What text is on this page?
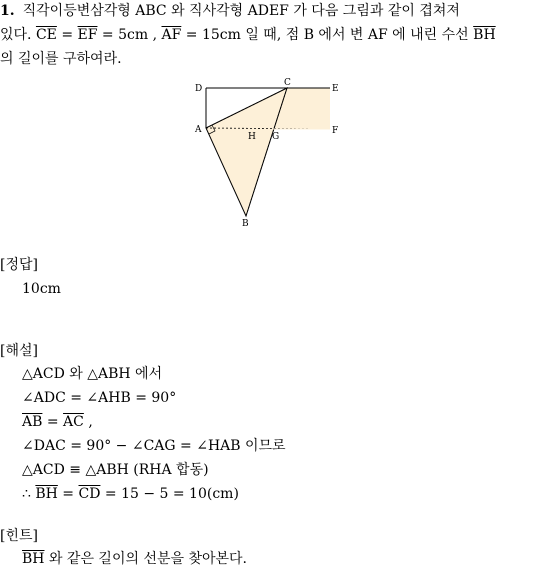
1. 직각이등변삼각형 ABC 와 직사각형 ADEF 가 다음 그림과 같이 겹쳐져
있다. $\overline{CE} = \overline{EF} = 5cm$ , $\overline{AF} = 15cm$ 일 때, 점 B 에서 변 AF 에 내린 수선 $\overline{BH}$
의 길이를 구하여라.
D
C
E
A
H G
F
B
[정답]
10cm
[해설]
△ACD 와 △ABH 에서
∠ADC = ∠AHB = 90°
$\overline{AB} = \overline{AC}$ ,
∠DAC = 90° − ∠CAG = ∠HAB 이므로
△ACD ≡ △ABH (RHA 합동)
∴ $\overline{BH} = \overline{CD} = 15 - 5 = 10(cm)$
[힌트]
$\overline{BH}$ 와 같은 길이의 선분을 찾아본다.
